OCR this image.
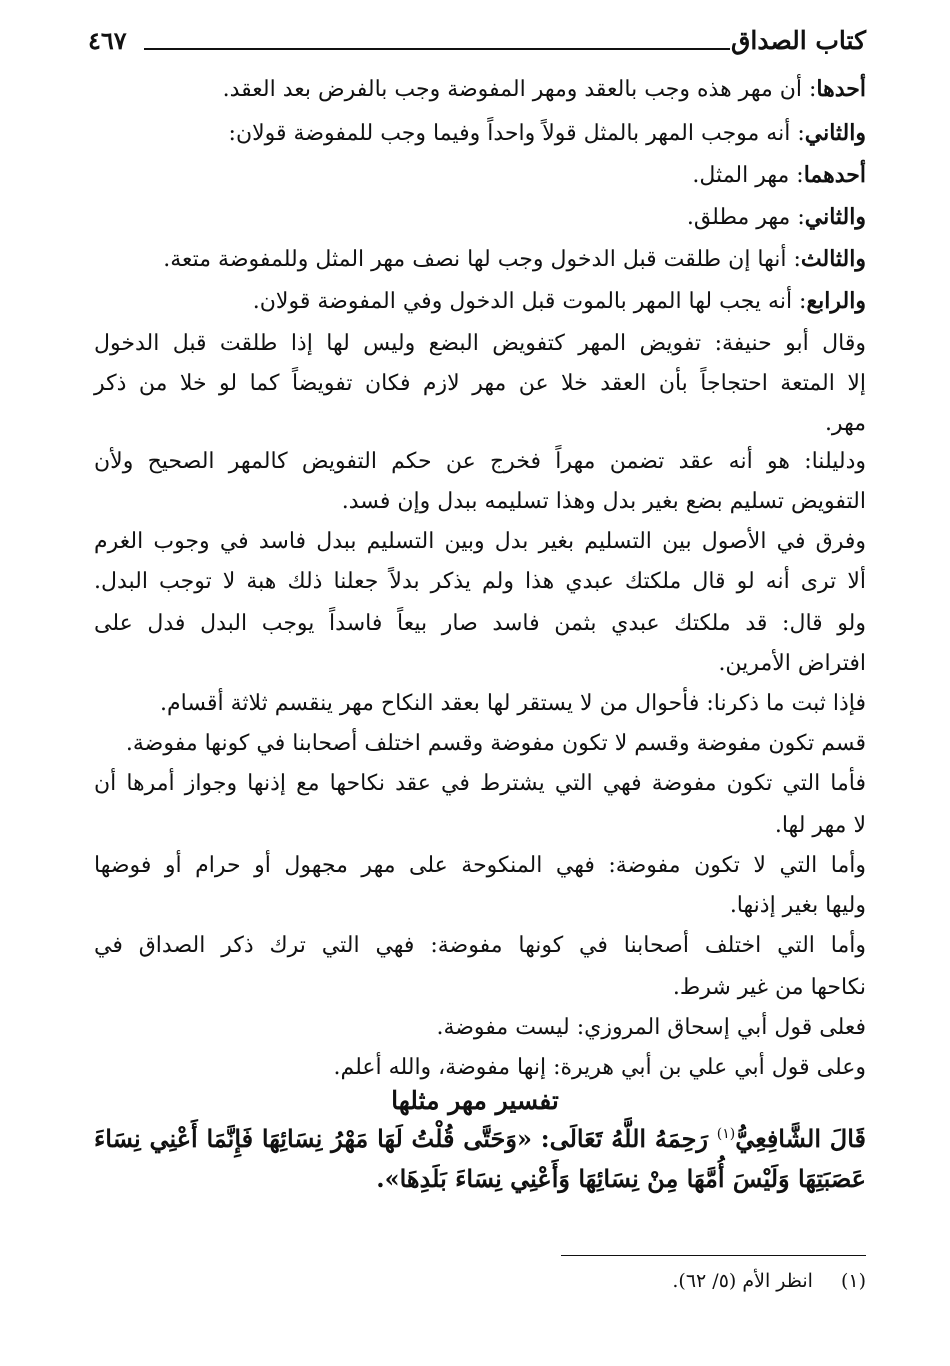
كتاب الصداق
٤٦٧
أحدها: أن مهر هذه وجب بالعقد ومهر المفوضة وجب بالفرض بعد العقد.
والثاني: أنه موجب المهر بالمثل قولاً واحداً وفيما وجب للمفوضة قولان:
أحدهما: مهر المثل.
والثاني: مهر مطلق.
والثالث: أنها إن طلقت قبل الدخول وجب لها نصف مهر المثل وللمفوضة متعة.
والرابع: أنه يجب لها المهر بالموت قبل الدخول وفي المفوضة قولان.
وقال أبو حنيفة: تفويض المهر كتفويض البضع وليس لها إذا طلقت قبل الدخول
إلا المتعة احتجاجاً بأن العقد خلا عن مهر لازم فكان تفويضاً كما لو خلا من ذكر
مهر.
ودليلنا: هو أنه عقد تضمن مهراً فخرج عن حكم التفويض كالمهر الصحيح ولأن
التفويض تسليم بضع بغير بدل وهذا تسليمه ببدل وإن فسد.
وفرق في الأصول بين التسليم بغير بدل وبين التسليم ببدل فاسد في وجوب الغرم
ألا ترى أنه لو قال ملكتك عبدي هذا ولم يذكر بدلاً جعلنا ذلك هبة لا توجب البدل.
ولو قال: قد ملكتك عبدي بثمن فاسد صار بيعاً فاسداً يوجب البدل فدل على
افتراض الأمرين.
فإذا ثبت ما ذكرنا: فأحوال من لا يستقر لها بعقد النكاح مهر ينقسم ثلاثة أقسام.
قسم تكون مفوضة وقسم لا تكون مفوضة وقسم اختلف أصحابنا في كونها مفوضة.
فأما التي تكون مفوضة فهي التي يشترط في عقد نكاحها مع إذنها وجواز أمرها أن
لا مهر لها.
وأما التي لا تكون مفوضة: فهي المنكوحة على مهر مجهول أو حرام أو فوضها
وليها بغير إذنها.
وأما التي اختلف أصحابنا في كونها مفوضة: فهي التي ترك ذكر الصداق في
نكاحها من غير شرط.
فعلى قول أبي إسحاق المروزي: ليست مفوضة.
وعلى قول أبي علي بن أبي هريرة: إنها مفوضة، والله أعلم.
تفسير مهر مثلها
قَالَ الشَّافِعِيُّ$^{(١)}$ رَحِمَهُ اللَّهُ تَعَالَى: «وَحَتَّى قُلْتُ لَهَا مَهْرُ نِسَائِهَا فَإِنَّمَا أَعْنِي نِسَاءَ
عَصَبَتِهَا وَلَيْسَ أُمَّهَا مِنْ نِسَائِهَا وَأَعْنِي نِسَاءَ بَلَدِهَا».
(١)انظر الأم (٥/ ٦٢).
